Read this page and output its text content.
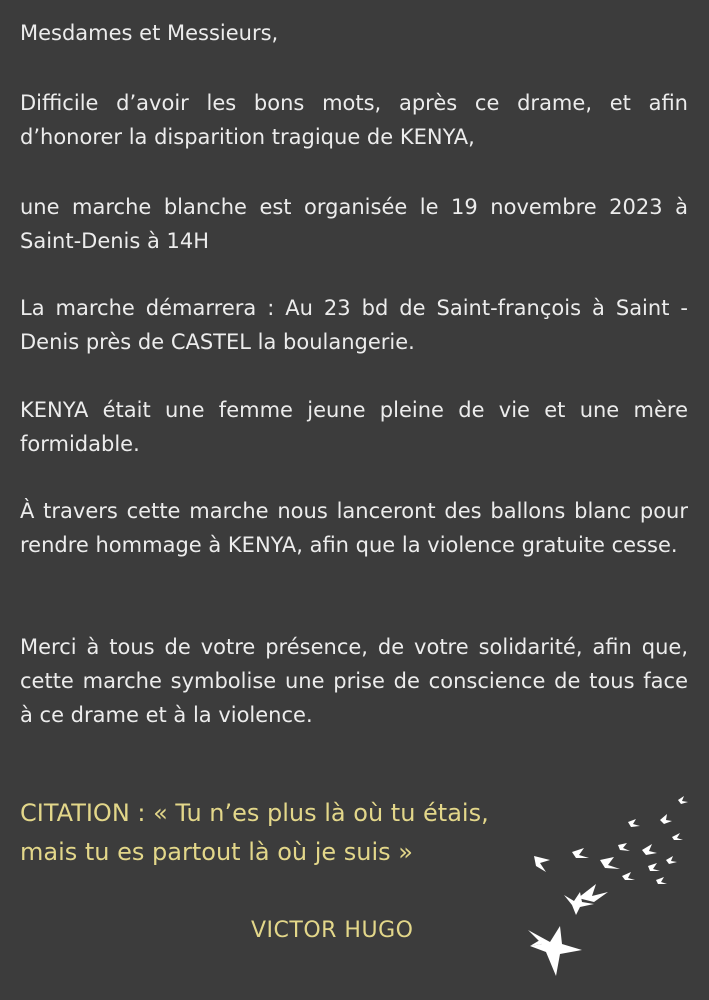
Mesdames et Messieurs,

Difficile d’avoir les bons mots, après ce drame, et afin d’honorer la disparition tragique de KENYA,

une marche blanche est organisée le 19 novembre 2023 à Saint-Denis à 14H

La marche démarrera : Au 23 bd de Saint-françois à Saint - Denis près de CASTEL la boulangerie.

KENYA était une femme jeune pleine de vie et une mère formidable.

À travers cette marche nous lanceront des ballons blanc pour rendre hommage à KENYA, afin que la violence gratuite cesse.

Merci à tous de votre présence, de votre solidarité, afin que, cette marche symbolise une prise de conscience de tous face à ce drame et à la violence.

CITATION : « Tu n’es plus là où tu étais,
mais tu es partout là où je suis »

VICTOR HUGO
